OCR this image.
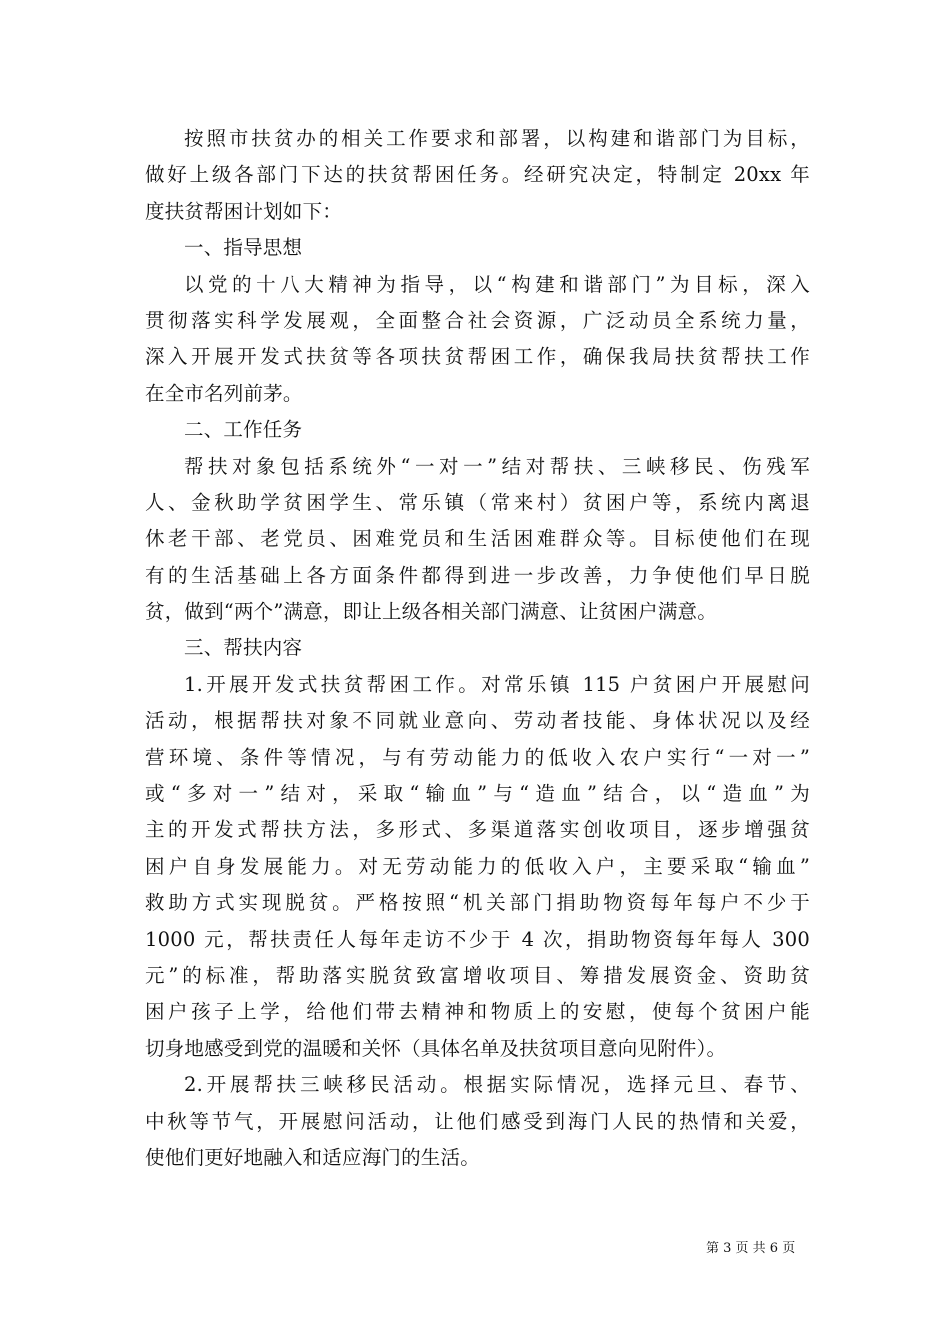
按照市扶贫办的相关工作要求和部署，以构建和谐部门为目标，
做好上级各部门下达的扶贫帮困任务。经研究决定，特制定 20xx 年
度扶贫帮困计划如下：
一、指导思想
以党的十八大精神为指导，以“构建和谐部门”为目标，深入
贯彻落实科学发展观，全面整合社会资源，广泛动员全系统力量，
深入开展开发式扶贫等各项扶贫帮困工作，确保我局扶贫帮扶工作
在全市名列前茅。
二、工作任务
帮扶对象包括系统外“一对一”结对帮扶、三峡移民、伤残军
人、金秋助学贫困学生、常乐镇（常来村）贫困户等，系统内离退
休老干部、老党员、困难党员和生活困难群众等。目标使他们在现
有的生活基础上各方面条件都得到进一步改善，力争使他们早日脱
贫，做到“两个”满意，即让上级各相关部门满意、让贫困户满意。
三、帮扶内容
1.开展开发式扶贫帮困工作。对常乐镇 115 户贫困户开展慰问
活动，根据帮扶对象不同就业意向、劳动者技能、身体状况以及经
营环境、条件等情况，与有劳动能力的低收入农户实行“一对一”
或“多对一”结对，采取“输血”与“造血”结合，以“造血”为
主的开发式帮扶方法，多形式、多渠道落实创收项目，逐步增强贫
困户自身发展能力。对无劳动能力的低收入户，主要采取“输血”
救助方式实现脱贫。严格按照“机关部门捐助物资每年每户不少于
1000 元，帮扶责任人每年走访不少于 4 次，捐助物资每年每人 300
元”的标准，帮助落实脱贫致富增收项目、筹措发展资金、资助贫
困户孩子上学，给他们带去精神和物质上的安慰，使每个贫困户能
切身地感受到党的温暖和关怀（具体名单及扶贫项目意向见附件）。
2.开展帮扶三峡移民活动。根据实际情况，选择元旦、春节、
中秋等节气，开展慰问活动，让他们感受到海门人民的热情和关爱，
使他们更好地融入和适应海门的生活。
第 3 页 共 6 页
